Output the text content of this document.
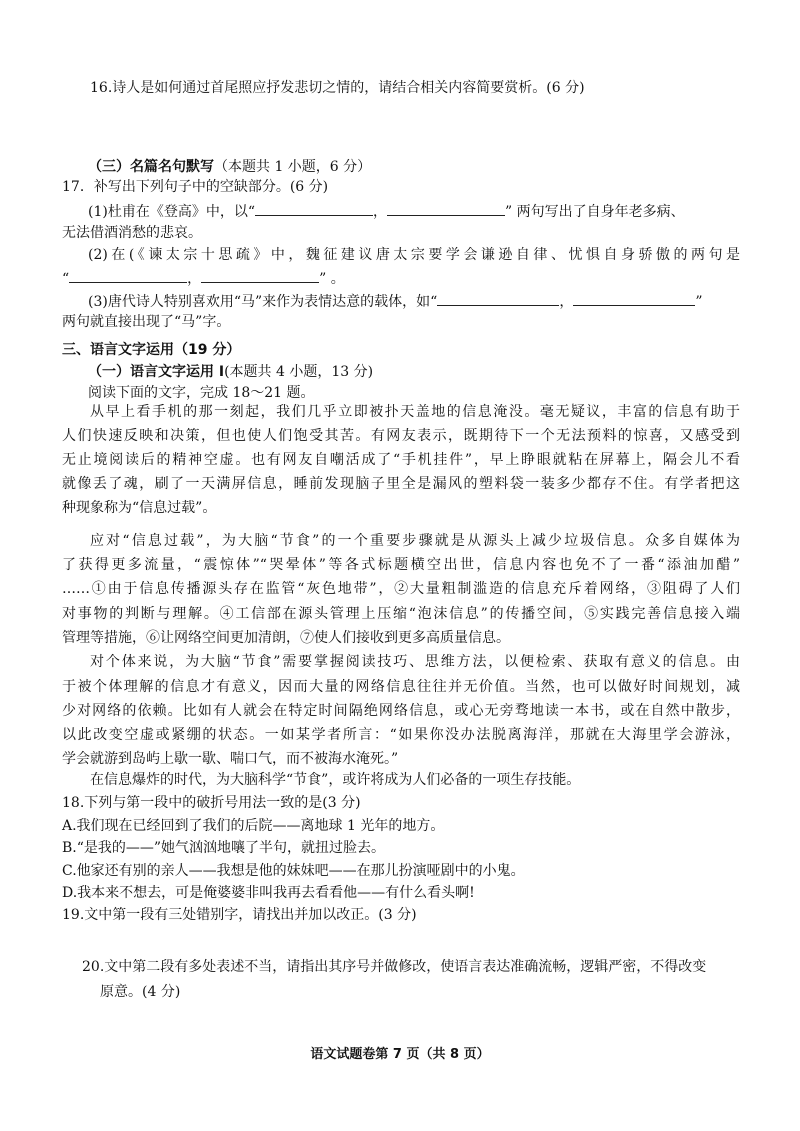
16.诗人是如何通过首尾照应抒发悲切之情的，请结合相关内容简要赏析。(6 分)
（三）名篇名句默写（本题共 1 小题，6 分）
17．补写出下列句子中的空缺部分。(6 分)
(1)杜甫在《登高》中，以“	，	” 两句写出了自身年老多病、
无法借酒消愁的悲哀。
(2)在(《谏太宗十思疏》中，魏征建议唐太宗要学会谦逊自律、忧惧自身骄傲的两句是
“	，	” 。
(3)唐代诗人特别喜欢用“马”来作为表情达意的载体，如“	，	”
两句就直接出现了“马”字。
三、语言文字运用（19 分）
（一）语言文字运用 Ⅰ(本题共 4 小题，13 分)
阅读下面的文字，完成 18～21 题。
从早上看手机的那一刻起，我们几乎立即被扑天盖地的信息淹没。毫无疑议，丰富的信息有助于
人们快速反映和决策，但也使人们饱受其苦。有网友表示，既期待下一个无法预料的惊喜，又感受到
无止境阅读后的精神空虚。也有网友自嘲活成了“手机挂件”，早上睁眼就粘在屏幕上，隔会儿不看
就像丢了魂，刷了一天满屏信息，睡前发现脑子里全是漏风的塑料袋一装多少都存不住。有学者把这
种现象称为“信息过载”。
应对“信息过载”，为大脑“节食”的一个重要步骤就是从源头上减少垃圾信息。众多自媒体为
了获得更多流量，“震惊体”“哭晕体”等各式标题横空出世，信息内容也免不了一番“添油加醋”
……①由于信息传播源头存在监管“灰色地带”，②大量粗制滥造的信息充斥着网络，③阻碍了人们
对事物的判断与理解。④工信部在源头管理上压缩“泡沫信息”的传播空间，⑤实践完善信息接入端
管理等措施，⑥让网络空间更加清朗，⑦使人们接收到更多高质量信息。
对个体来说，为大脑“节食”需要掌握阅读技巧、思维方法，以便检索、获取有意义的信息。由
于被个体理解的信息才有意义，因而大量的网络信息往往并无价值。当然，也可以做好时间规划，减
少对网络的依赖。比如有人就会在特定时间隔绝网络信息，或心无旁骛地读一本书，或在自然中散步，
以此改变空虚或紧绷的状态。一如某学者所言：“如果你没办法脱离海洋，那就在大海里学会游泳，
学会就游到岛屿上歇一歇、喘口气，而不被海水淹死。”
在信息爆炸的时代，为大脑科学“节食”，或许将成为人们必备的一项生存技能。
18.下列与第一段中的破折号用法一致的是(3 分)
A.我们现在已经回到了我们的后院——离地球 1 光年的地方。
B.“是我的——”她气汹汹地嚷了半句，就扭过脸去。
C.他家还有别的亲人——我想是他的妹妹吧——在那儿扮演哑剧中的小鬼。
D.我本来不想去，可是俺婆婆非叫我再去看看他——有什么看头啊!
19.文中第一段有三处错别字，请找出并加以改正。(3 分)
20.文中第二段有多处表述不当，请指出其序号并做修改，使语言表达准确流畅，逻辑严密，不得改变
原意。(4 分)
语文试题卷第 7 页（共 8 页）
